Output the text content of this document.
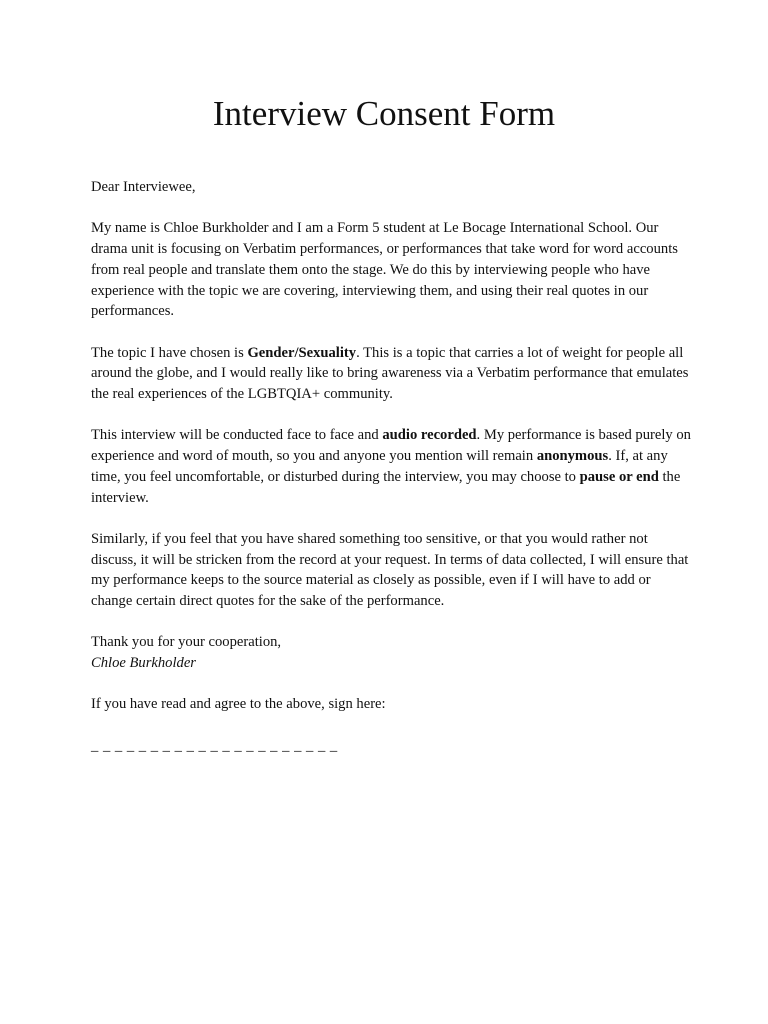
Interview Consent Form

Dear Interviewee,

My name is Chloe Burkholder and I am a Form 5 student at Le Bocage International School. Our drama unit is focusing on Verbatim performances, or performances that take word for word accounts from real people and translate them onto the stage. We do this by interviewing people who have experience with the topic we are covering, interviewing them, and using their real quotes in our performances.

The topic I have chosen is Gender/Sexuality. This is a topic that carries a lot of weight for people all around the globe, and I would really like to bring awareness via a Verbatim performance that emulates the real experiences of the LGBTQIA+ community.

This interview will be conducted face to face and audio recorded. My performance is based purely on experience and word of mouth, so you and anyone you mention will remain anonymous. If, at any time, you feel uncomfortable, or disturbed during the interview, you may choose to pause or end the interview.

Similarly, if you feel that you have shared something too sensitive, or that you would rather not discuss, it will be stricken from the record at your request. In terms of data collected, I will ensure that my performance keeps to the source material as closely as possible, even if I will have to add or change certain direct quotes for the sake of the performance.

Thank you for your cooperation,
Chloe Burkholder

If you have read and agree to the above, sign here:

_ _ _ _ _ _ _ _ _ _ _ _ _ _ _ _ _ _ _ _ _
